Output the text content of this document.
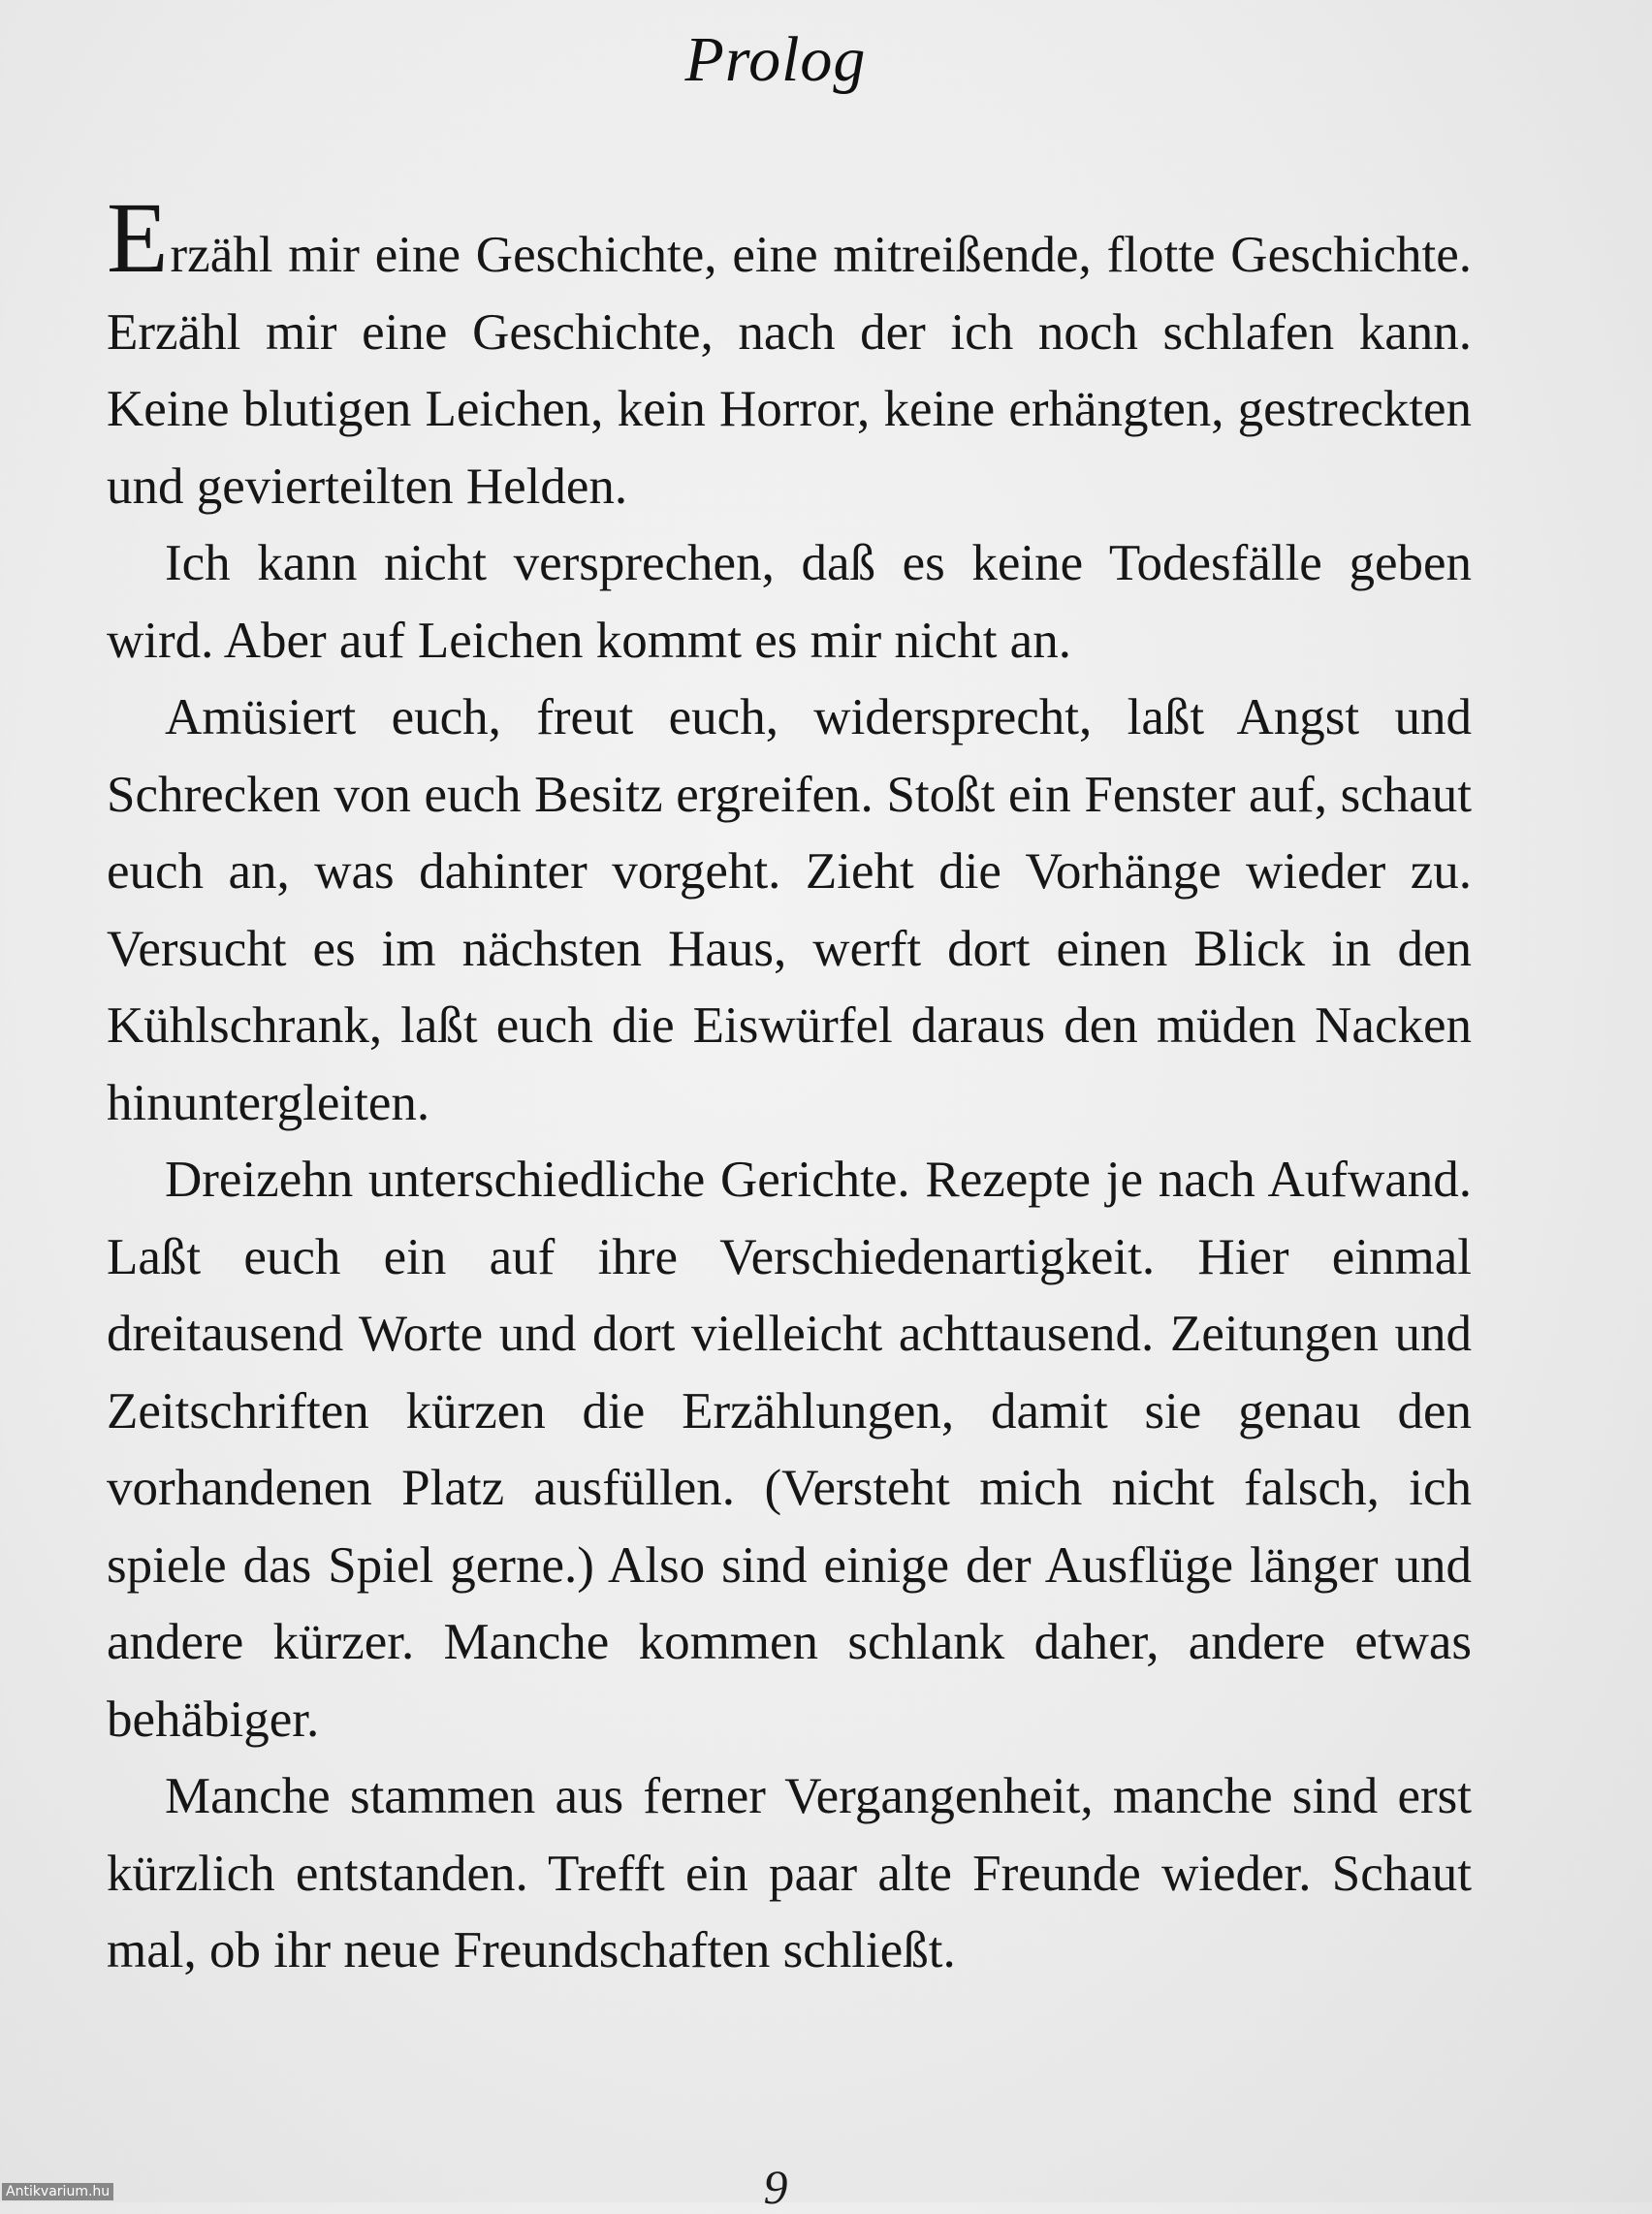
Prolog

Erzähl mir eine Geschichte, eine mitreißende, flotte Geschichte. Erzähl mir eine Geschichte, nach der ich noch schlafen kann. Keine blutigen Leichen, kein Horror, keine erhängten, gestreckten und gevierteilten Helden.

Ich kann nicht versprechen, daß es keine Todesfälle geben wird. Aber auf Leichen kommt es mir nicht an.

Amüsiert euch, freut euch, widersprecht, laßt Angst und Schrecken von euch Besitz ergreifen. Stoßt ein Fenster auf, schaut euch an, was dahinter vorgeht. Zieht die Vorhänge wieder zu. Versucht es im nächsten Haus, werft dort einen Blick in den Kühlschrank, laßt euch die Eiswürfel daraus den müden Nacken hinuntergleiten.

Dreizehn unterschiedliche Gerichte. Rezepte je nach Aufwand. Laßt euch ein auf ihre Verschiedenartigkeit. Hier einmal dreitausend Worte und dort vielleicht achttausend. Zeitungen und Zeitschriften kürzen die Erzählungen, damit sie genau den vorhandenen Platz ausfüllen. (Versteht mich nicht falsch, ich spiele das Spiel gerne.) Also sind einige der Ausflüge länger und andere kürzer. Manche kommen schlank daher, andere etwas behäbiger.

Manche stammen aus ferner Vergangenheit, manche sind erst kürzlich entstanden. Trefft ein paar alte Freunde wieder. Schaut mal, ob ihr neue Freundschaften schließt.

9
Antikvarium.hu
